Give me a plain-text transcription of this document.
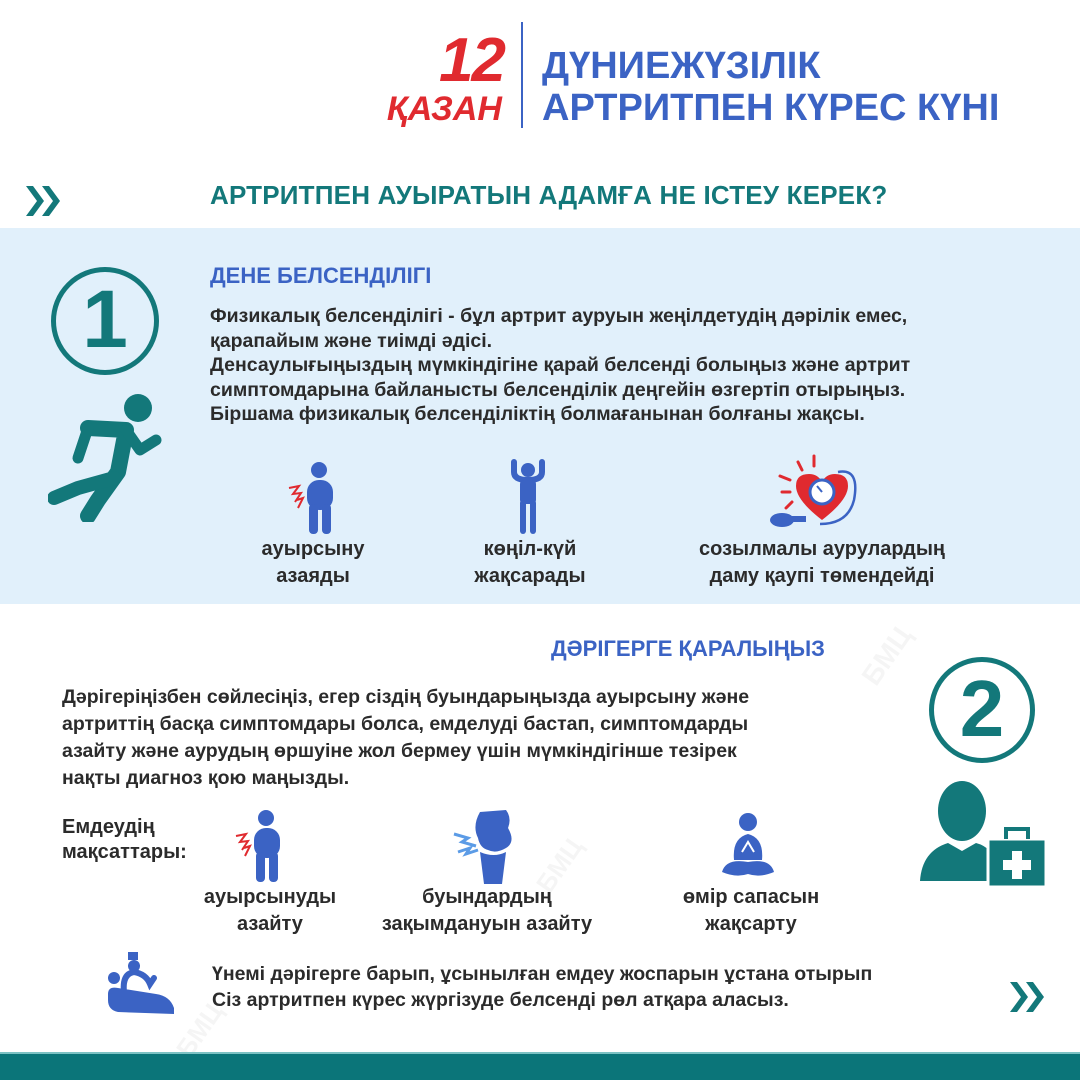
12
ҚАЗАН
ДҮНИЕЖҮЗІЛІК
АРТРИТПЕН КҮРЕС КҮНІ
АРТРИТПЕН АУЫРАТЫН АДАМҒА НЕ ІСТЕУ КЕРЕК?
1	ДЕНЕ БЕЛСЕНДІЛІГІ
Физикалық белсенділігі - бұл артрит ауруын жеңілдетудің дәрілік емес,
қарапайым және тиімді әдісі.
Денсаулығыңыздың мүмкіндігіне қарай белсенді болыңыз және артрит
симптомдарына байланысты белсенділік деңгейін өзгертіп отырыңыз.
Біршама физикалық белсенділіктің болмағанынан болғаны жақсы.
ауырсыну
азаяды
көңіл-күй
жақсарады
созылмалы аурулардың
даму қаупі төмендейді
ДӘРІГЕРГЕ ҚАРАЛЫҢЫЗ
2
Дәрігеріңізбен сөйлесіңіз, егер сіздің буындарыңызда ауырсыну және
артриттің басқа симптомдары болса, емделуді бастап, симптомдарды
азайту және аурудың өршуіне жол бермеу үшін мүмкіндігінше тезірек
нақты диагноз қою маңызды.
Емдеудің
мақсаттары:
ауырсынуды
азайту
буындардың
зақымдануын азайту
өмір сапасын
жақсарту
Үнемі дәрігерге барып, ұсынылған емдеу жоспарын ұстана отырып
Сіз артритпен күрес жүргізуде белсенді рөл атқара аласыз.
